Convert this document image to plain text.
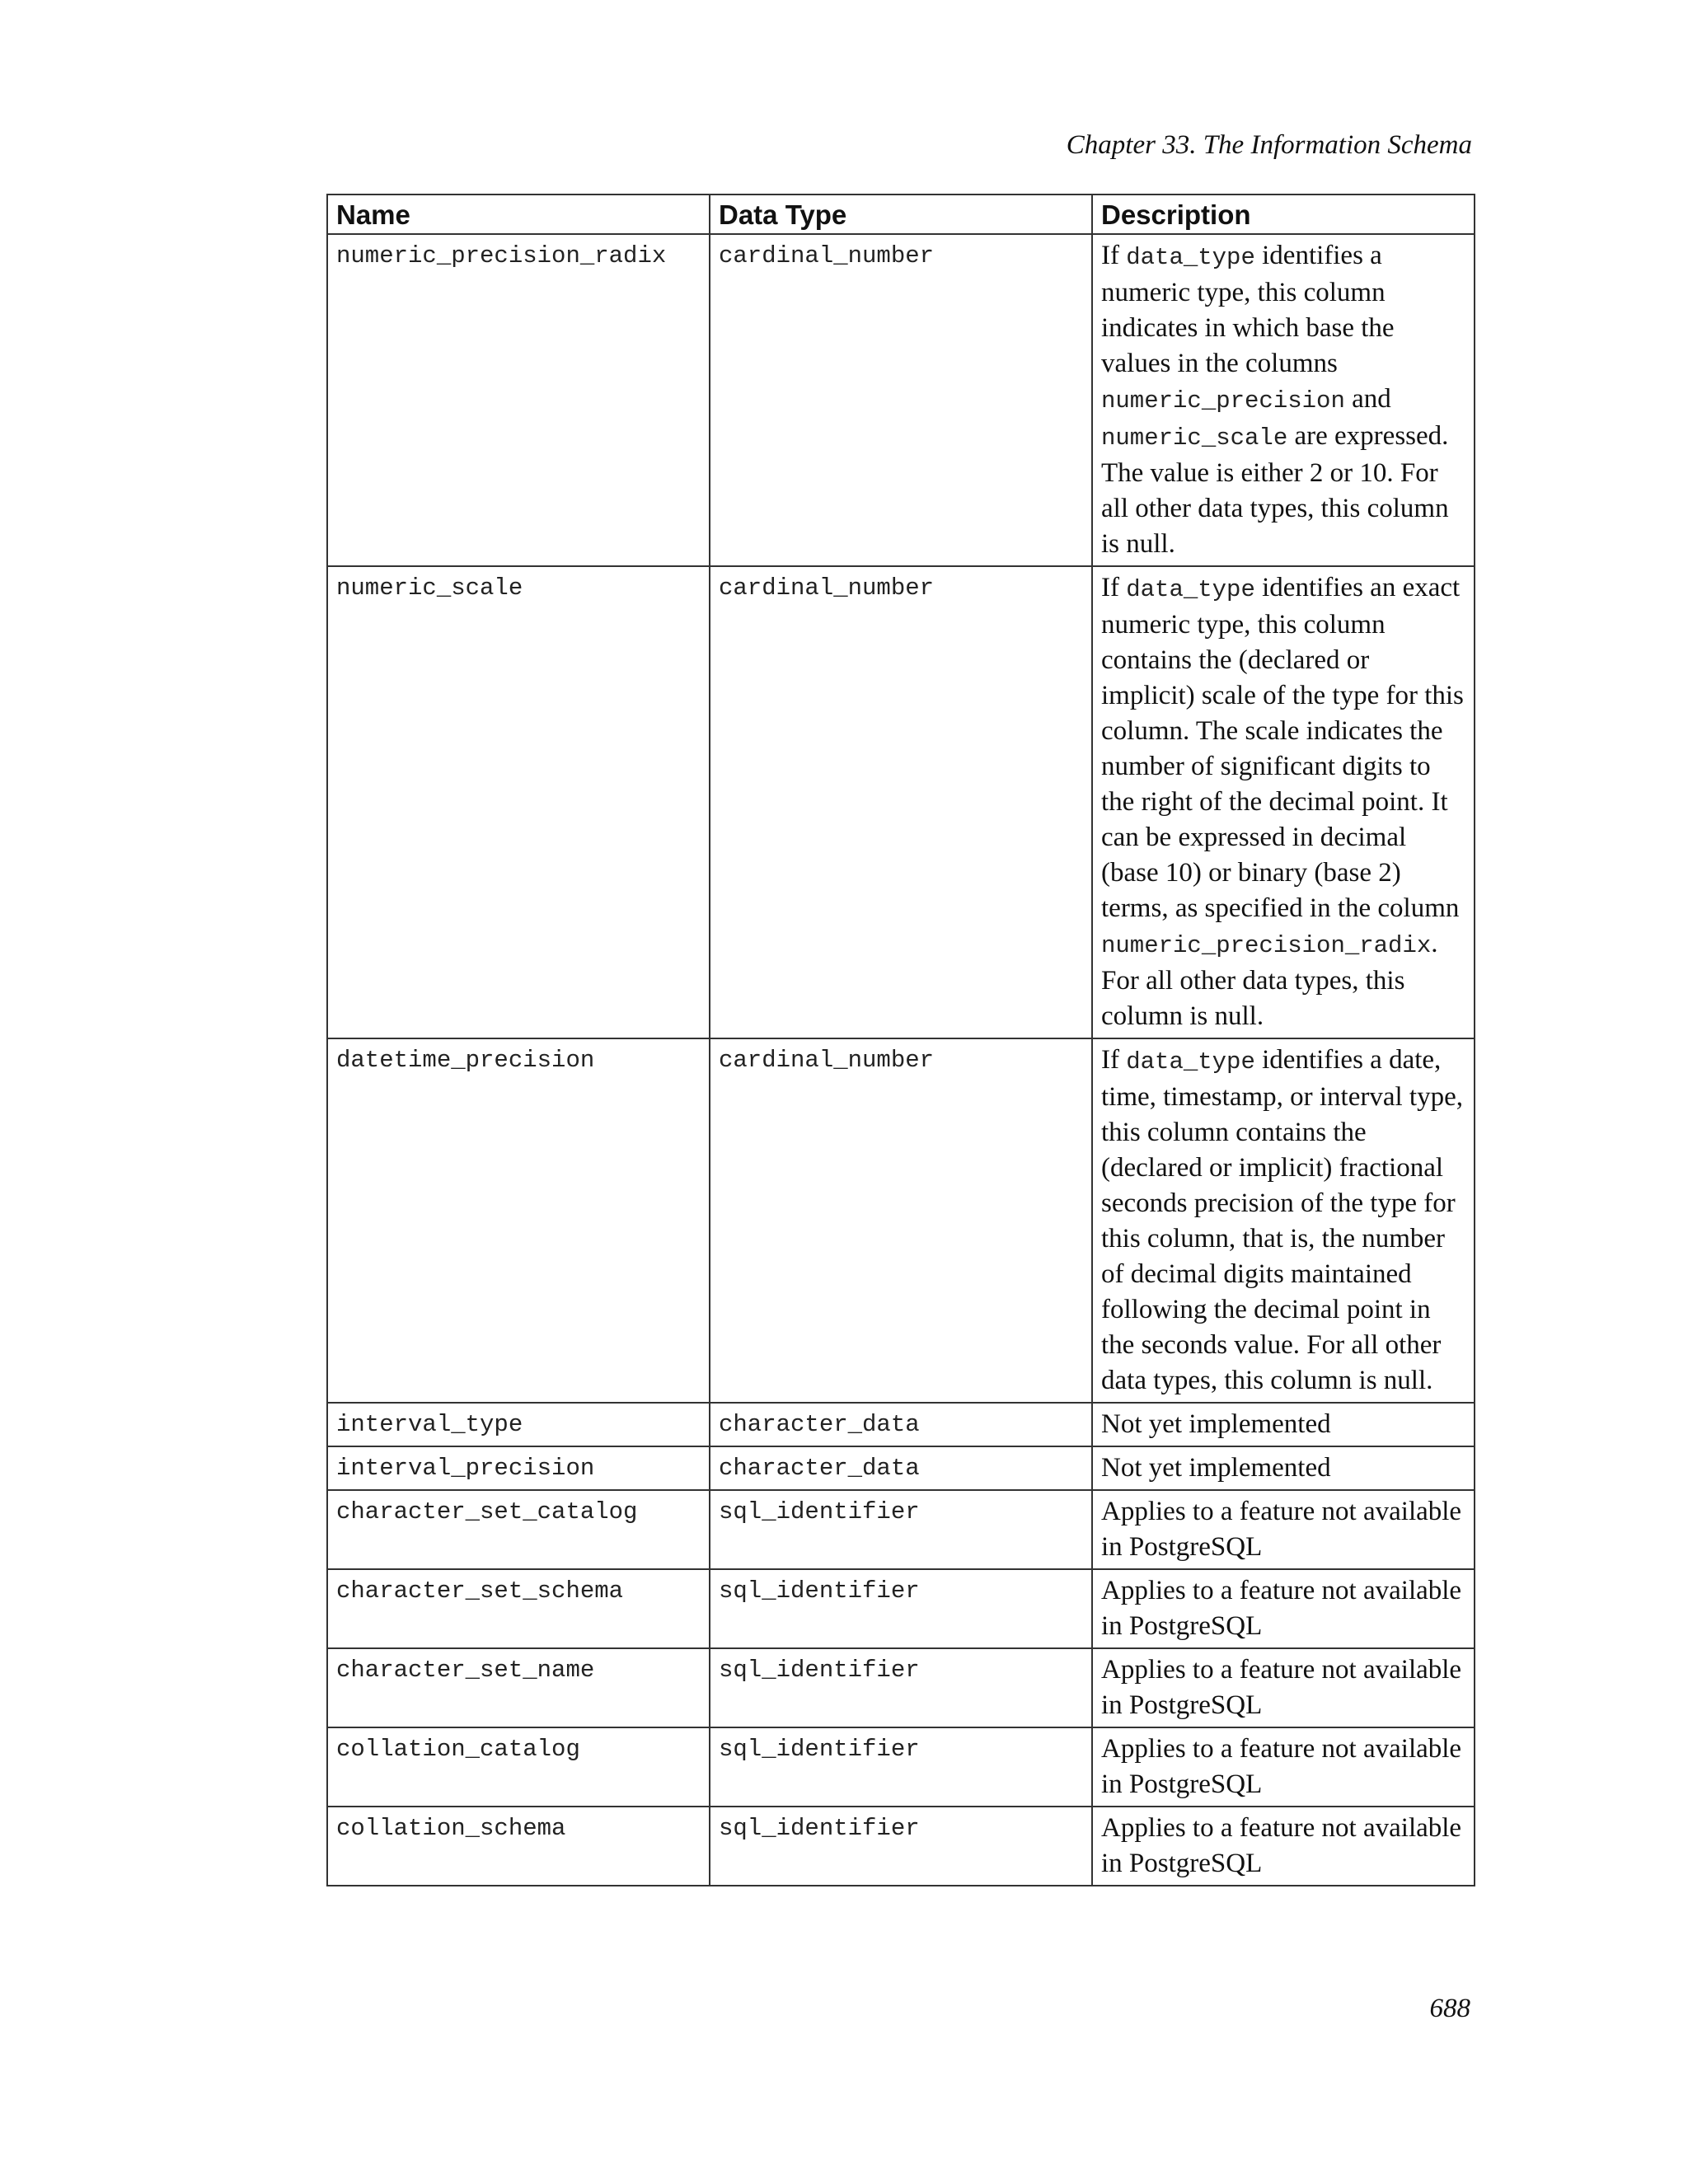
Chapter 33. The Information Schema
Name	Data Type	Description
numeric_precision_radix	cardinal_number	If data_type identifies a numeric type, this column indicates in which base the values in the columns numeric_precision and numeric_scale are expressed. The value is either 2 or 10. For all other data types, this column is null.
numeric_scale	cardinal_number	If data_type identifies an exact numeric type, this column contains the (declared or implicit) scale of the type for this column. The scale indicates the number of significant digits to the right of the decimal point. It can be expressed in decimal (base 10) or binary (base 2) terms, as specified in the column numeric_precision_radix. For all other data types, this column is null.
datetime_precision	cardinal_number	If data_type identifies a date, time, timestamp, or interval type, this column contains the (declared or implicit) fractional seconds precision of the type for this column, that is, the number of decimal digits maintained following the decimal point in the seconds value. For all other data types, this column is null.
interval_type	character_data	Not yet implemented
interval_precision	character_data	Not yet implemented
character_set_catalog	sql_identifier	Applies to a feature not available in PostgreSQL
character_set_schema	sql_identifier	Applies to a feature not available in PostgreSQL
character_set_name	sql_identifier	Applies to a feature not available in PostgreSQL
collation_catalog	sql_identifier	Applies to a feature not available in PostgreSQL
collation_schema	sql_identifier	Applies to a feature not available in PostgreSQL
688
